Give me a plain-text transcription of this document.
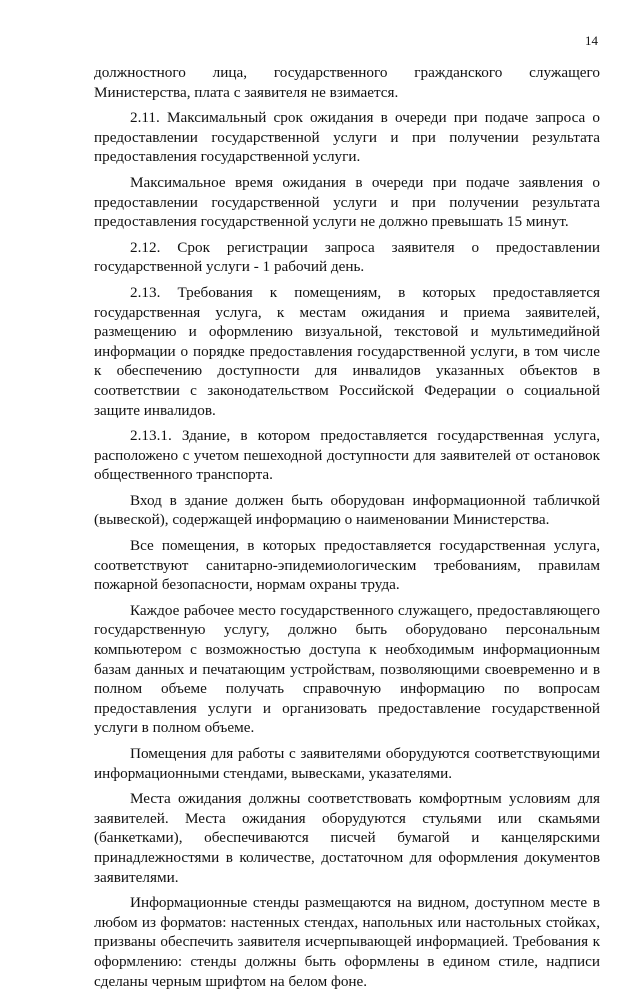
14

должностного лица, государственного гражданского служащего Министерства, плата с заявителя не взимается.

2.11. Максимальный срок ожидания в очереди при подаче запроса о предоставлении государственной услуги и при получении результата предоставления государственной услуги.

Максимальное время ожидания в очереди при подаче заявления о предоставлении государственной услуги и при получении результата предоставления государственной услуги не должно превышать 15 минут.

2.12. Срок регистрации запроса заявителя о предоставлении государственной услуги - 1 рабочий день.

2.13. Требования к помещениям, в которых предоставляется государственная услуга, к местам ожидания и приема заявителей, размещению и оформлению визуальной, текстовой и мультимедийной информации о порядке предоставления государственной услуги, в том числе к обеспечению доступности для инвалидов указанных объектов в соответствии с законодательством Российской Федерации о социальной защите инвалидов.

2.13.1. Здание, в котором предоставляется государственная услуга, расположено с учетом пешеходной доступности для заявителей от остановок общественного транспорта.

Вход в здание должен быть оборудован информационной табличкой (вывеской), содержащей информацию о наименовании Министерства.

Все помещения, в которых предоставляется государственная услуга, соответствуют санитарно-эпидемиологическим требованиям, правилам пожарной безопасности, нормам охраны труда.

Каждое рабочее место государственного служащего, предоставляющего государственную услугу, должно быть оборудовано персональным компьютером с возможностью доступа к необходимым информационным базам данных и печатающим устройствам, позволяющими своевременно и в полном объеме получать справочную информацию по вопросам предоставления услуги и организовать предоставление государственной услуги в полном объеме.

Помещения для работы с заявителями оборудуются соответствующими информационными стендами, вывесками, указателями.

Места ожидания должны соответствовать комфортным условиям для заявителей. Места ожидания оборудуются стульями или скамьями (банкетками), обеспечиваются писчей бумагой и канцелярскими принадлежностями в количестве, достаточном для оформления документов заявителями.

Информационные стенды размещаются на видном, доступном месте в любом из форматов: настенных стендах, напольных или настольных стойках, призваны обеспечить заявителя исчерпывающей информацией. Требования к оформлению: стенды должны быть оформлены в едином стиле, надписи сделаны черным шрифтом на белом фоне.
